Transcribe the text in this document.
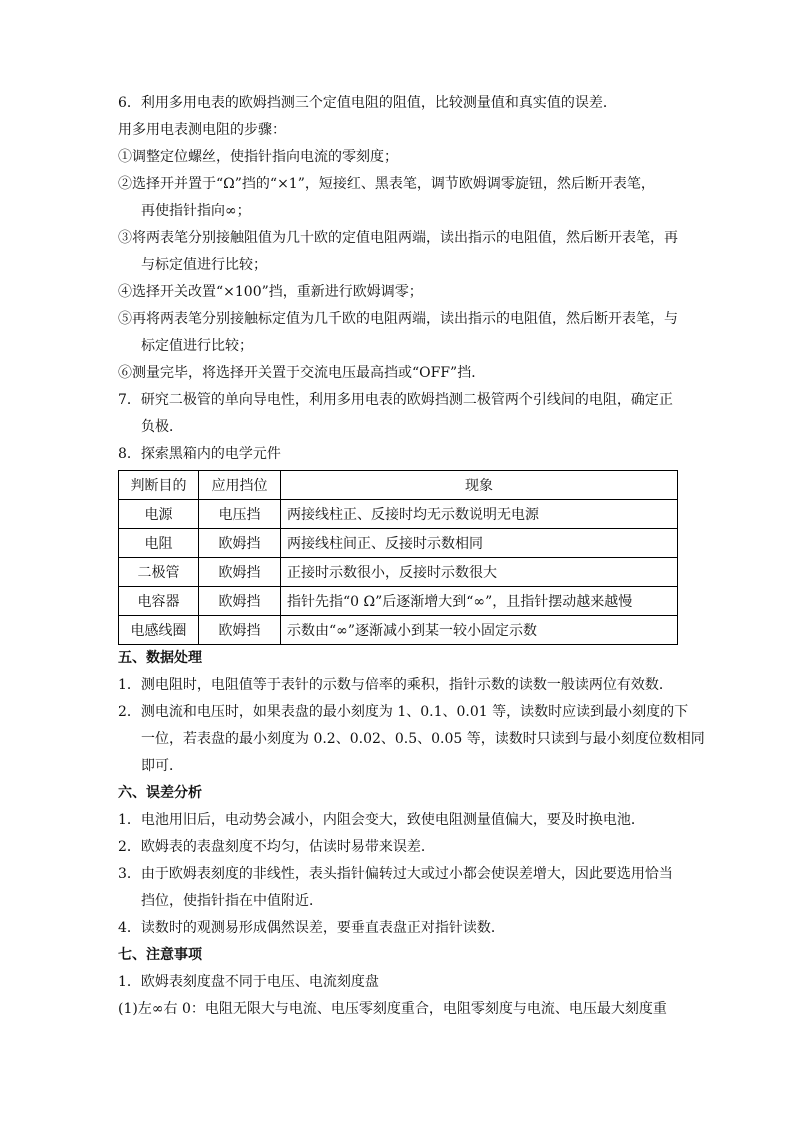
6．利用多用电表的欧姆挡测三个定值电阻的阻值，比较测量值和真实值的误差．
用多用电表测电阻的步骤：
①调整定位螺丝，使指针指向电流的零刻度；
②选择开并置于“Ω”挡的“×1”，短接红、黑表笔，调节欧姆调零旋钮，然后断开表笔，
再使指针指向∞；
③将两表笔分别接触阻值为几十欧的定值电阻两端，读出指示的电阻值，然后断开表笔，再
与标定值进行比较；
④选择开关改置“×100”挡，重新进行欧姆调零；
⑤再将两表笔分别接触标定值为几千欧的电阻两端，读出指示的电阻值，然后断开表笔，与
标定值进行比较；
⑥测量完毕，将选择开关置于交流电压最高挡或“OFF”挡．
7．研究二极管的单向导电性，利用多用电表的欧姆挡测二极管两个引线间的电阻，确定正
负极．
8．探索黑箱内的电学元件
判断目的	应用挡位	现象
电源	电压挡	两接线柱正、反接时均无示数说明无电源
电阻	欧姆挡	两接线柱间正、反接时示数相同
二极管	欧姆挡	正接时示数很小，反接时示数很大
电容器	欧姆挡	指针先指“0 Ω”后逐渐增大到“∞”，且指针摆动越来越慢
电感线圈	欧姆挡	示数由“∞”逐渐减小到某一较小固定示数
五、数据处理
1．测电阻时，电阻值等于表针的示数与倍率的乘积，指针示数的读数一般读两位有效数．
2．测电流和电压时，如果表盘的最小刻度为 1、0.1、0.01 等，读数时应读到最小刻度的下
一位，若表盘的最小刻度为 0.2、0.02、0.5、0.05 等，读数时只读到与最小刻度位数相同
即可．
六、误差分析
1．电池用旧后，电动势会减小，内阻会变大，致使电阻测量值偏大，要及时换电池．
2．欧姆表的表盘刻度不均匀，估读时易带来误差．
3．由于欧姆表刻度的非线性，表头指针偏转过大或过小都会使误差增大，因此要选用恰当
挡位，使指针指在中值附近．
4．读数时的观测易形成偶然误差，要垂直表盘正对指针读数．
七、注意事项
1．欧姆表刻度盘不同于电压、电流刻度盘
(1)左∞右 0：电阻无限大与电流、电压零刻度重合，电阻零刻度与电流、电压最大刻度重
